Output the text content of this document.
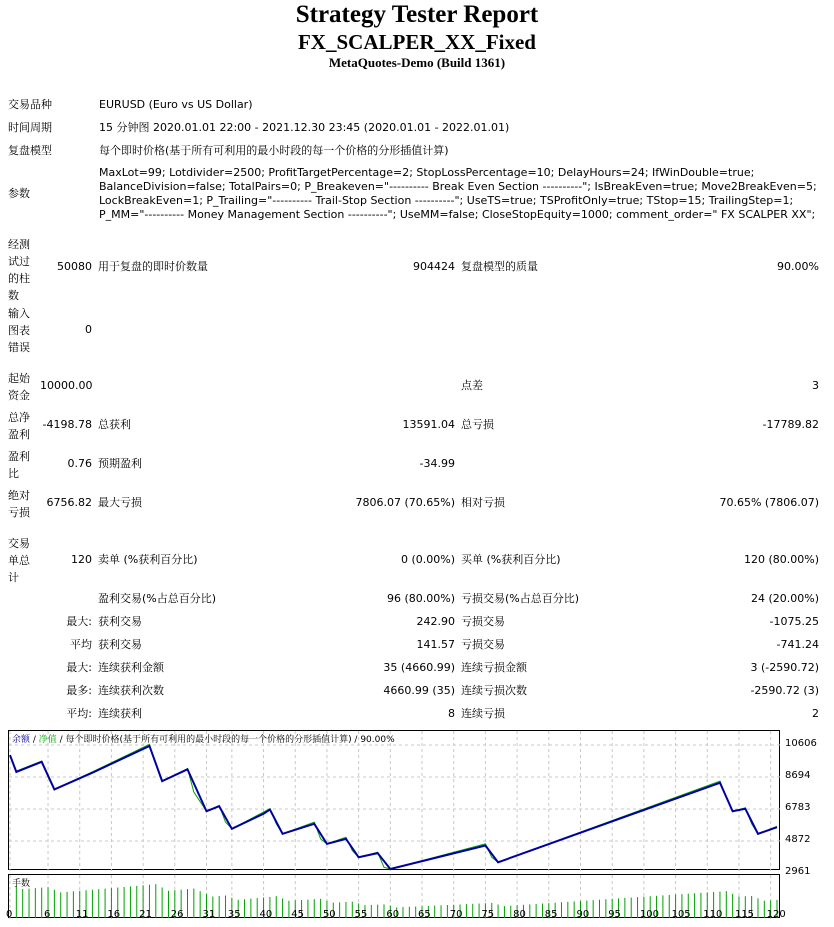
Strategy Tester Report
FX_SCALPER_XX_Fixed
MetaQuotes-Demo (Build 1361)
交易品种	EURUSD (Euro vs US Dollar)
时间周期	15 分钟图 2020.01.01 22:00 - 2021.12.30 23:45 (2020.01.01 - 2022.01.01)
复盘模型	每个即时价格(基于所有可利用的最小时段的每一个价格的分形插值计算)
参数
MaxLot=99; Lotdivider=2500; ProfitTargetPercentage=2; StopLossPercentage=10; DelayHours=24; IfWinDouble=true;
BalanceDivision=false; TotalPairs=0; P_Breakeven="---------- Break Even Section ----------"; IsBreakEven=true; Move2BreakEven=5;
LockBreakEven=1; P_Trailing="---------- Trail-Stop Section ----------"; UseTS=true; TSProfitOnly=true; TStop=15; TrailingStep=1;
P_MM="---------- Money Management Section ----------"; UseMM=false; CloseStopEquity=1000; comment_order=" FX SCALPER XX";
经测试过的柱数
50080 用于复盘的即时价数量	904424 复盘模型的质量	90.00%
输入图表错误
0
起始资金
10000.00	点差	3
总净盈利
-4198.78 总获利	13591.04 总亏损	-17789.82
盈利比
0.76 预期盈利	-34.99
绝对亏损
6756.82 最大亏损	7806.07 (70.65%) 相对亏损	70.65% (7806.07)
交易单总计
120 卖单 (%获利百分比)	0 (0.00%) 买单 (%获利百分比)	120 (80.00%)
盈利交易(%占总百分比)	96 (80.00%) 亏损交易(%占总百分比)	24 (20.00%)
最大: 获利交易	242.90 亏损交易	-1075.25
平均 获利交易	141.57 亏损交易	-741.24
最大: 连续获利金额	35 (4660.99) 连续亏损金额	3 (-2590.72)
最多: 连续获利次数	4660.99 (35) 连续亏损次数	-2590.72 (3)
平均: 连续获利	8 连续亏损	2
余额 / 净值 / 每个即时价格(基于所有可利用的最小时段的每一个价格的分形插值计算) / 90.00%
手数
2961
4872
6783
8694
10606
0	6	11 16 21 26 31 35 40 45 50 55 60 65 70 75 80 85 90 95 100 105 110 115 120
